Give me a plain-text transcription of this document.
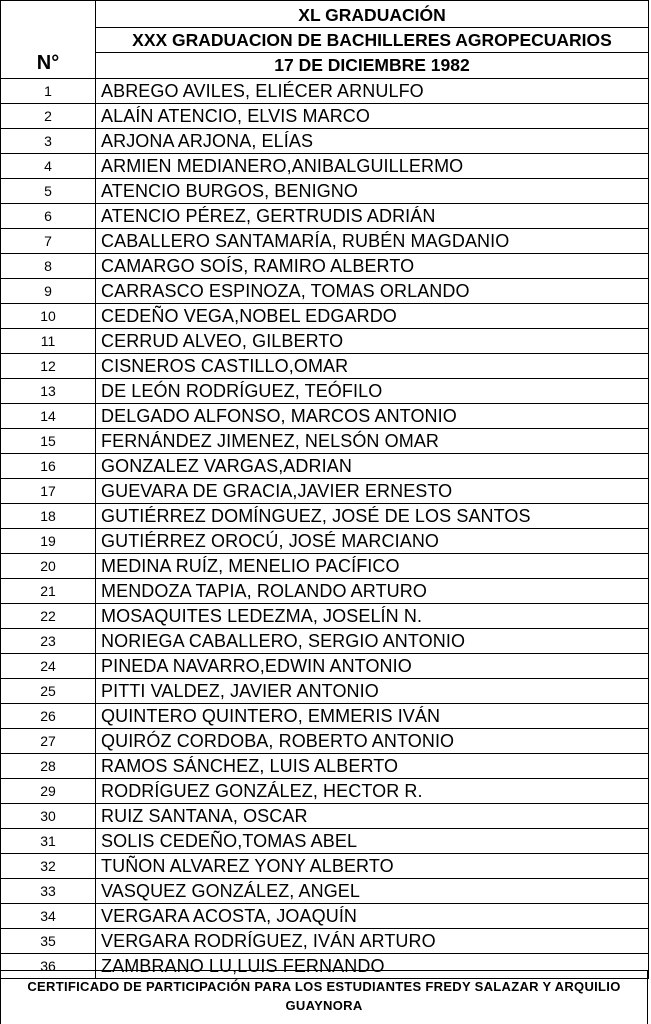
N°	XL GRADUACIÓN
XXX GRADUACION DE BACHILLERES AGROPECUARIOS
17 DE DICIEMBRE 1982

1	ABREGO AVILES, ELIÉCER ARNULFO
2	ALAÍN ATENCIO, ELVIS MARCO
3	ARJONA ARJONA, ELÍAS
4	ARMIEN MEDIANERO,ANIBALGUILLERMO
5	ATENCIO BURGOS, BENIGNO
6	ATENCIO PÉREZ, GERTRUDIS ADRIÁN
7	CABALLERO SANTAMARÍA, RUBÉN MAGDANIO
8	CAMARGO SOÍS, RAMIRO ALBERTO
9	CARRASCO ESPINOZA, TOMAS ORLANDO
10	CEDEÑO VEGA,NOBEL EDGARDO
11	CERRUD ALVEO, GILBERTO
12	CISNEROS CASTILLO,OMAR
13	DE LEÓN RODRÍGUEZ, TEÓFILO
14	DELGADO ALFONSO, MARCOS ANTONIO
15	FERNÁNDEZ JIMENEZ, NELSÓN OMAR
16	GONZALEZ VARGAS,ADRIAN
17	GUEVARA DE GRACIA,JAVIER ERNESTO
18	GUTIÉRREZ DOMÍNGUEZ, JOSÉ DE LOS SANTOS
19	GUTIÉRREZ OROCÚ, JOSÉ MARCIANO
20	MEDINA RUÍZ, MENELIO PACÍFICO
21	MENDOZA TAPIA, ROLANDO ARTURO
22	MOSAQUITES LEDEZMA, JOSELÍN N.
23	NORIEGA CABALLERO, SERGIO ANTONIO
24	PINEDA NAVARRO,EDWIN ANTONIO
25	PITTI VALDEZ, JAVIER ANTONIO
26	QUINTERO QUINTERO, EMMERIS IVÁN
27	QUIRÓZ CORDOBA, ROBERTO ANTONIO
28	RAMOS SÁNCHEZ, LUIS ALBERTO
29	RODRÍGUEZ GONZÁLEZ, HECTOR R.
30	RUIZ SANTANA, OSCAR
31	SOLIS CEDEÑO,TOMAS ABEL
32	TUÑON ALVAREZ YONY ALBERTO
33	VASQUEZ GONZÁLEZ, ANGEL
34	VERGARA ACOSTA, JOAQUÍN
35	VERGARA RODRÍGUEZ, IVÁN ARTURO
36	ZAMBRANO LU,LUIS FERNANDO
CERTIFICADO DE PARTICIPACIÓN PARA LOS ESTUDIANTES FREDY SALAZAR Y ARQUILIO
GUAYNORA
